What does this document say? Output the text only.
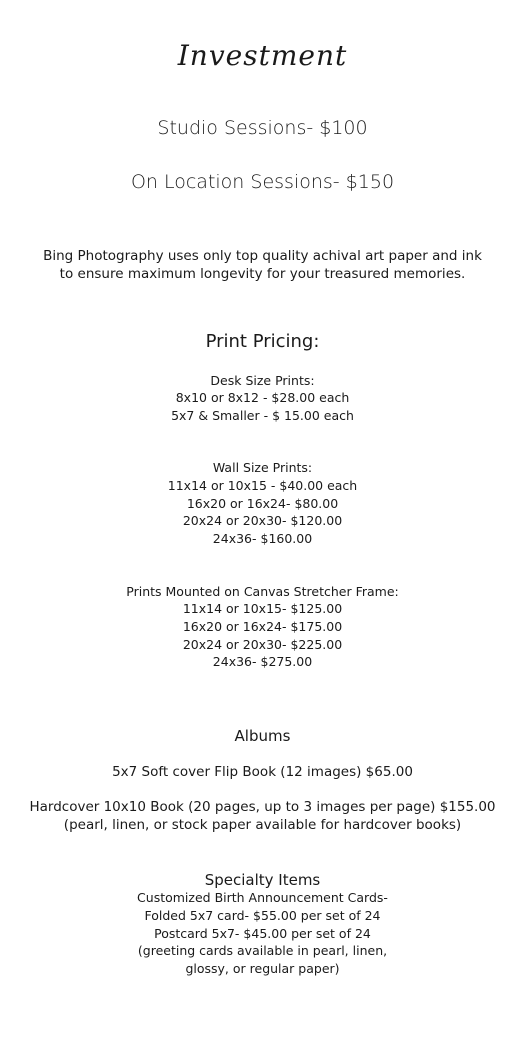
Investment
Studio Sessions- $100
On Location Sessions- $150
Bing Photography uses only top quality achival art paper and ink
to ensure maximum longevity for your treasured memories.
Print Pricing:
Desk Size Prints:
8x10 or 8x12 - $28.00 each
5x7 & Smaller - $ 15.00 each
Wall Size Prints:
11x14 or 10x15 - $40.00 each
16x20 or 16x24- $80.00
20x24 or 20x30- $120.00
24x36- $160.00
Prints Mounted on Canvas Stretcher Frame:
11x14 or 10x15- $125.00
16x20 or 16x24- $175.00
20x24 or 20x30- $225.00
24x36- $275.00
Albums
5x7 Soft cover Flip Book (12 images) $65.00
Hardcover 10x10 Book (20 pages, up to 3 images per page) $155.00
(pearl, linen, or stock paper available for hardcover books)
Specialty Items
Customized Birth Announcement Cards-
Folded 5x7 card- $55.00 per set of 24
Postcard 5x7- $45.00 per set of 24
(greeting cards available in pearl, linen,
glossy, or regular paper)
